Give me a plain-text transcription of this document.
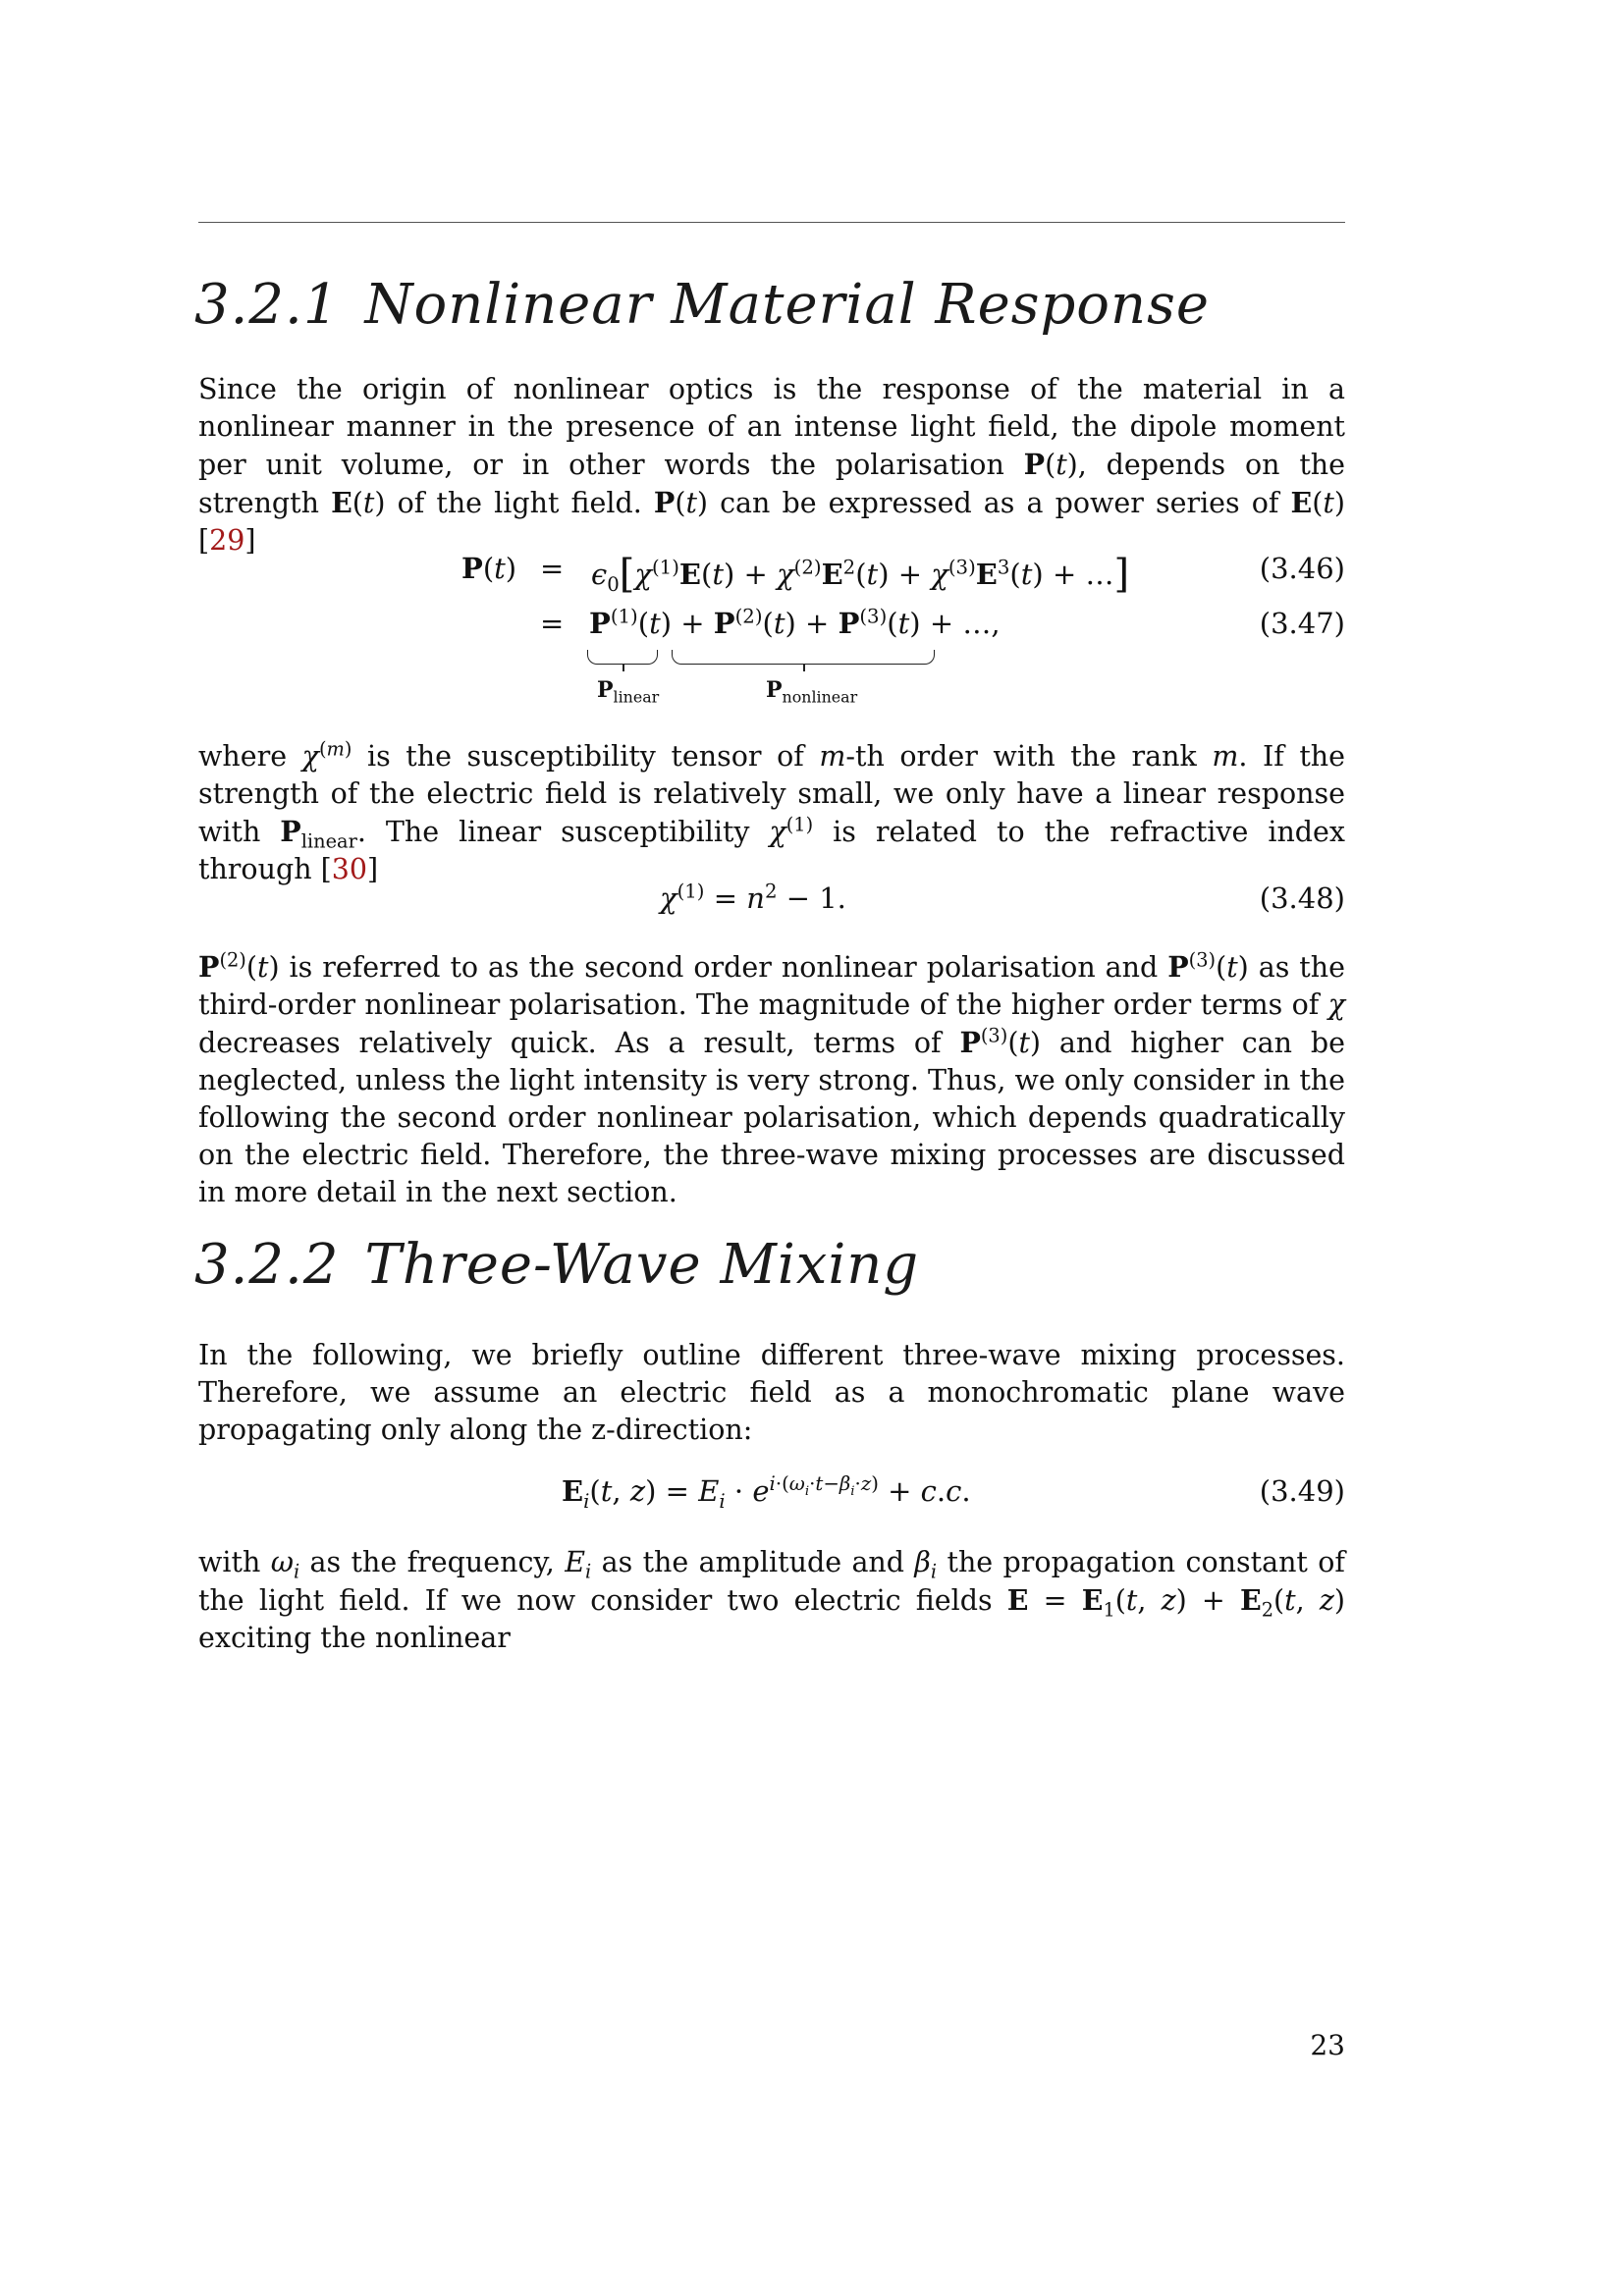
3.2.1 Nonlinear Material Response

Since the origin of nonlinear optics is the response of the material in a nonlinear manner in the presence of an intense light field, the dipole moment per unit volume, or in other words the polarisation P(t), depends on the strength E(t) of the light field. P(t) can be expressed as a power series of E(t) [29]

$P(t) = \epsilon_0[\chi^{(1)}E(t) + \chi^{(2)}E^2(t) + \chi^{(3)}E^3(t)$ + …]	(3.46)
= $P^{(1)}(t) + P^{(2)}(t) + P^{(3)}(t)$ + …,	(3.47)
$P_{linear}$	$P_{nonlinear}$

where $\chi^{(m)}$ is the susceptibility tensor of m-th order with the rank m. If the strength of the electric field is relatively small, we only have a linear response with $P_{linear}$. The linear susceptibility $\chi^{(1)}$ is related to the refractive index through [30]

$\chi^{(1)} = n^2 - 1$.	(3.48)

$P^{(2)}(t)$ is referred to as the second order nonlinear polarisation and $P^{(3)}(t)$ as the third-order nonlinear polarisation. The magnitude of the higher order terms of χ decreases relatively quick. As a result, terms of $P^{(3)}(t)$ and higher can be neglected, unless the light intensity is very strong. Thus, we only consider in the following the second order nonlinear polarisation, which depends quadratically on the electric field. Therefore, the three-wave mixing processes are discussed in more detail in the next section.

3.2.2 Three-Wave Mixing

In the following, we briefly outline different three-wave mixing processes. Therefore, we assume an electric field as a monochromatic plane wave propagating only along the z-direction:

$E_i(t$, $z) = E_i \cdot e^{i\cdot(\omega_i\cdot t-\beta_i\cdot z)} + c.c$.	(3.49)

with $\omega_i$ as the frequency, $E_i$ as the amplitude and $\beta_i$ the propagation constant of the light field. If we now consider two electric fields $E = E_1(t$, $z) + E_2(t$, z) exciting the nonlinear

23
